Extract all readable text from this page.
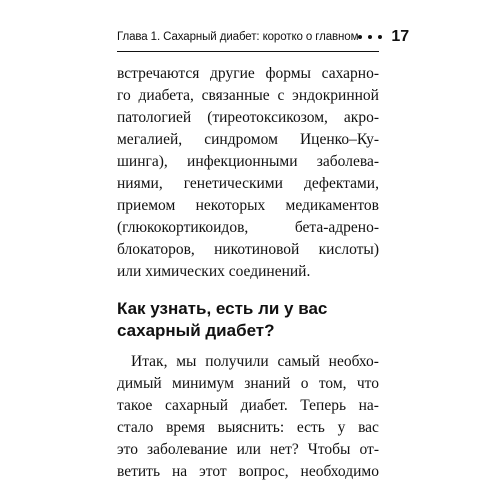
Глава 1. Сахарный диабет: коротко о главном 17
встречаются другие формы сахарно-
го диабета, связанные с эндокринной
патологией (тиреотоксикозом, акро-
мегалией, синдромом Иценко–Ку-
шинга), инфекционными заболева-
ниями, генетическими дефектами,
приемом некоторых медикаментов
(глюкокортикоидов,	бета-адрено-
блокаторов, никотиновой кислоты)
или химических соединений.
Как узнать, есть ли у вас
сахарный диабет?
Итак, мы получили самый необхо-
димый минимум знаний о том, что
такое сахарный диабет. Теперь на-
стало время выяснить: есть у вас
это заболевание или нет? Чтобы от-
ветить на этот вопрос, необходимо
